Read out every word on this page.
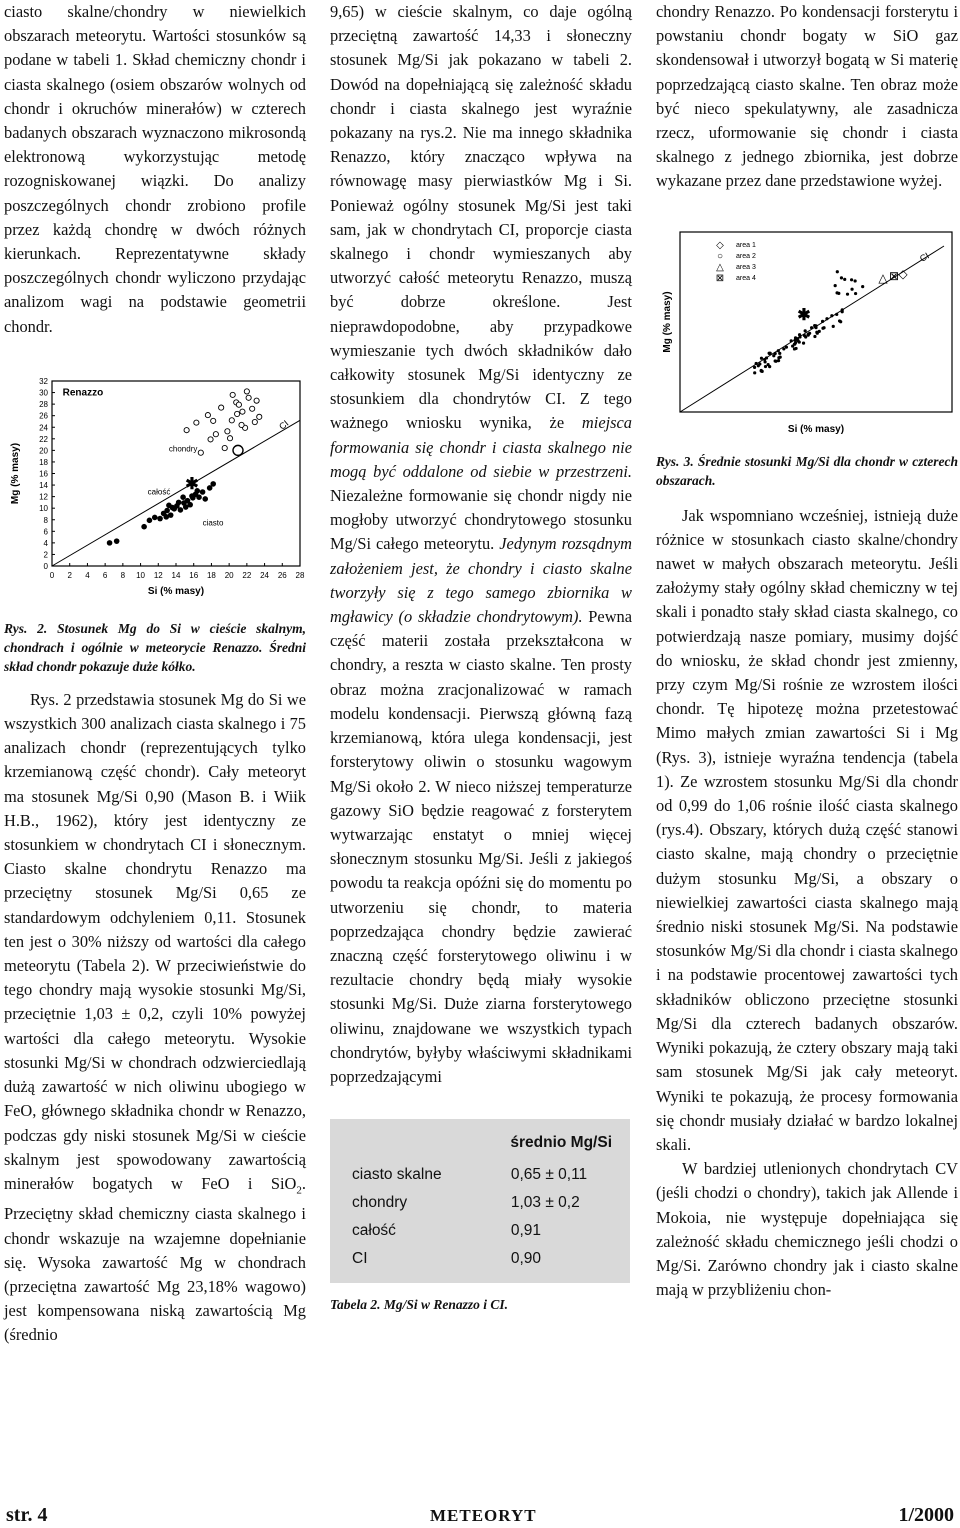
ciasto skalne/chondry w niewielkich obszarach meteorytu. Wartości stosunków są podane w tabeli 1. Skład chemiczny chondr i ciasta skalnego (osiem obszarów wolnych od chondr i okruchów minerałów) w czterech badanych obszarach wyznaczono mikrosondą elektronową wykorzystując metodę rozogniskowanej wiązki. Do analizy poszczególnych chondr zrobiono profile przez każdą chondrę w dwóch różnych kierunkach. Reprezentatywne składy poszczególnych chondr wyliczono przydając analizom wagi na podstawie geometrii chondr.

0 2 4 6 8 10 12 14 16 18 20 22 24 26 28
0
2
4
6
8
10
12
14
16
18
20
22
24
26
28
30
32
Si (% masy)
Mg (% masy)
Renazzo
✱
chondry
całość
ciasto
CI

Rys. 2. Stosunek Mg do Si w cieście skalnym, chondrach i ogólnie w meteorycie Renazzo. Średni skład chondr pokazuje duże kółko.

Rys. 2 przedstawia stosunek Mg do Si we wszystkich 300 analizach ciasta skalnego i 75 analizach chondr (reprezentujących tylko krzemianową część chondr). Cały meteoryt ma stosunek Mg/Si 0,90 (Mason B. i Wiik H.B., 1962), który jest identyczny ze stosunkiem w chondrytach CI i słonecznym. Ciasto skalne chondrytu Renazzo ma przeciętny stosunek Mg/Si 0,65 ze standardowym odchyleniem 0,11. Stosunek ten jest o 30% niższy od wartości dla całego meteorytu (Tabela 2). W przeciwieństwie do tego chondry mają wysokie stosunki Mg/Si, przeciętnie 1,03 ± 0,2, czyli 10% powyżej wartości dla całego meteorytu. Wysokie stosunki Mg/Si w chondrach odzwierciedlają dużą zawartość w nich oliwinu ubogiego w FeO, głównego składnika chondr w Renazzo, podczas gdy niski stosunek Mg/Si w cieście skalnym jest spowodowany zawartością minerałów bogatych w FeO i SiO$_2$. Przeciętny skład chemiczny ciasta skalnego i chondr wskazuje na wzajemne dopełnianie się. Wysoka zawartość Mg w chondrach (przeciętna zawartość Mg 23,18% wagowo) jest kompensowana niską zawartością Mg (średnio

9,65) w cieście skalnym, co daje ogólną przeciętną zawartość 14,33 i słoneczny stosunek Mg/Si jak pokazano w tabeli 2. Dowód na dopełniającą się zależność składu chondr i ciasta skalnego jest wyraźnie pokazany na rys.2. Nie ma innego składnika Renazzo, który znacząco wpływa na równowagę masy pierwiastków Mg i Si. Ponieważ ogólny stosunek Mg/Si jest taki sam, jak w chondrytach CI, proporcje ciasta skalnego i chondr wymieszanych aby utworzyć całość meteorytu Renazzo, muszą być dobrze określone. Jest nieprawdopodobne, aby przypadkowe wymieszanie tych dwóch składników dało całkowity stosunek Mg/Si identyczny ze stosunkiem dla chondrytów CI. Z tego ważnego wniosku wynika, że miejsca formowania się chondr i ciasta skalnego nie mogą być oddalone od siebie w przestrzeni. Niezależne formowanie się chondr nigdy nie mogłoby utworzyć chondrytowego stosunku Mg/Si całego meteorytu. Jedynym rozsądnym założeniem jest, że chondry i ciasto skalne tworzyły się z tego samego zbiornika w mgławicy (o składzie chondrytowym). Pewna część materii została przekształcona w chondry, a reszta w ciasto skalne. Ten prosty obraz można zracjonalizować w ramach modelu kondensacji. Pierwszą główną fazą krzemianową, która ulega kondensacji, jest forsterytowy oliwin o stosunku wagowym Mg/Si około 2. W nieco niższej temperaturze gazowy SiO będzie reagować z forsterytem wytwarzając enstatyt o mniej więcej słonecznym stosunku Mg/Si. Jeśli z jakiegoś powodu ta reakcja opóźni się do momentu po utworzeniu się chondr, to materia poprzedzająca chondry będzie zawierać znaczną część forsterytowego oliwinu i w rezultacie chondry będą miały wysokie stosunki Mg/Si. Duże ziarna forsterytowego oliwinu, znajdowane we wszystkich typach chondrytów, byłyby właściwymi składnikami poprzedzającymi

średnio Mg/Si
ciasto skalne	0,65 ± 0,11
chondry	1,03 ± 0,2
całość	0,91
CI	0,90

Tabela 2. Mg/Si w Renazzo i CI.

chondry Renazzo. Po kondensacji forsterytu i powstaniu chondr bogaty w SiO gaz skondensował i utworzył bogatą w Si materię poprzedzającą ciasto skalne. Ten obraz może być nieco spekulatywny, ale zasadnicza rzecz, uformowanie się chondr i ciasta skalnego z jednego zbiornika, jest dobrze wykazane przez dane przedstawione wyżej.

Si (% masy)
Mg (% masy)
CI
◇ area 1
○ area 2
△ area 3
⊠ area 4
✱
△ ⊠ ◇

Rys. 3. Średnie stosunki Mg/Si dla chondr w czterech obszarach.

Jak wspomniano wcześniej, istnieją duże różnice w stosunkach ciasto skalne/chondry nawet w małych obszarach meteorytu. Jeśli założymy stały ogólny skład chemiczny w tej skali i ponadto stały skład ciasta skalnego, co potwierdzają nasze pomiary, musimy dojść do wniosku, że skład chondr jest zmienny, przy czym Mg/Si rośnie ze wzrostem ilości chondr. Tę hipotezę można przetestować Mimo małych zmian zawartości Si i Mg (Rys. 3), istnieje wyraźna tendencja (tabela 1). Ze wzrostem stosunku Mg/Si dla chondr od 0,99 do 1,06 rośnie ilość ciasta skalnego (rys.4). Obszary, których dużą część stanowi ciasto skalne, mają chondry o przeciętnie dużym stosunku Mg/Si, a obszary o niewielkiej zawartości ciasta skalnego mają średnio niski stosunek Mg/Si. Na podstawie stosunków Mg/Si dla chondr i ciasta skalnego i na podstawie procentowej zawartości tych składników obliczono przeciętne stosunki Mg/Si dla czterech badanych obszarów. Wyniki pokazują, że cztery obszary mają taki sam stosunek Mg/Si jak cały meteoryt. Wyniki te pokazują, że procesy formowania się chondr musiały działać w bardzo lokalnej skali.

W bardziej utlenionych chondrytach CV (jeśli chodzi o chondry), takich jak Allende i Mokoia, nie występuje dopełniająca się zależność składu chemicznego jeśli chodzi o Mg/Si. Zarówno chondry jak i ciasto skalne mają w przybliżeniu chon-

str. 4	METEORYT	1/2000
